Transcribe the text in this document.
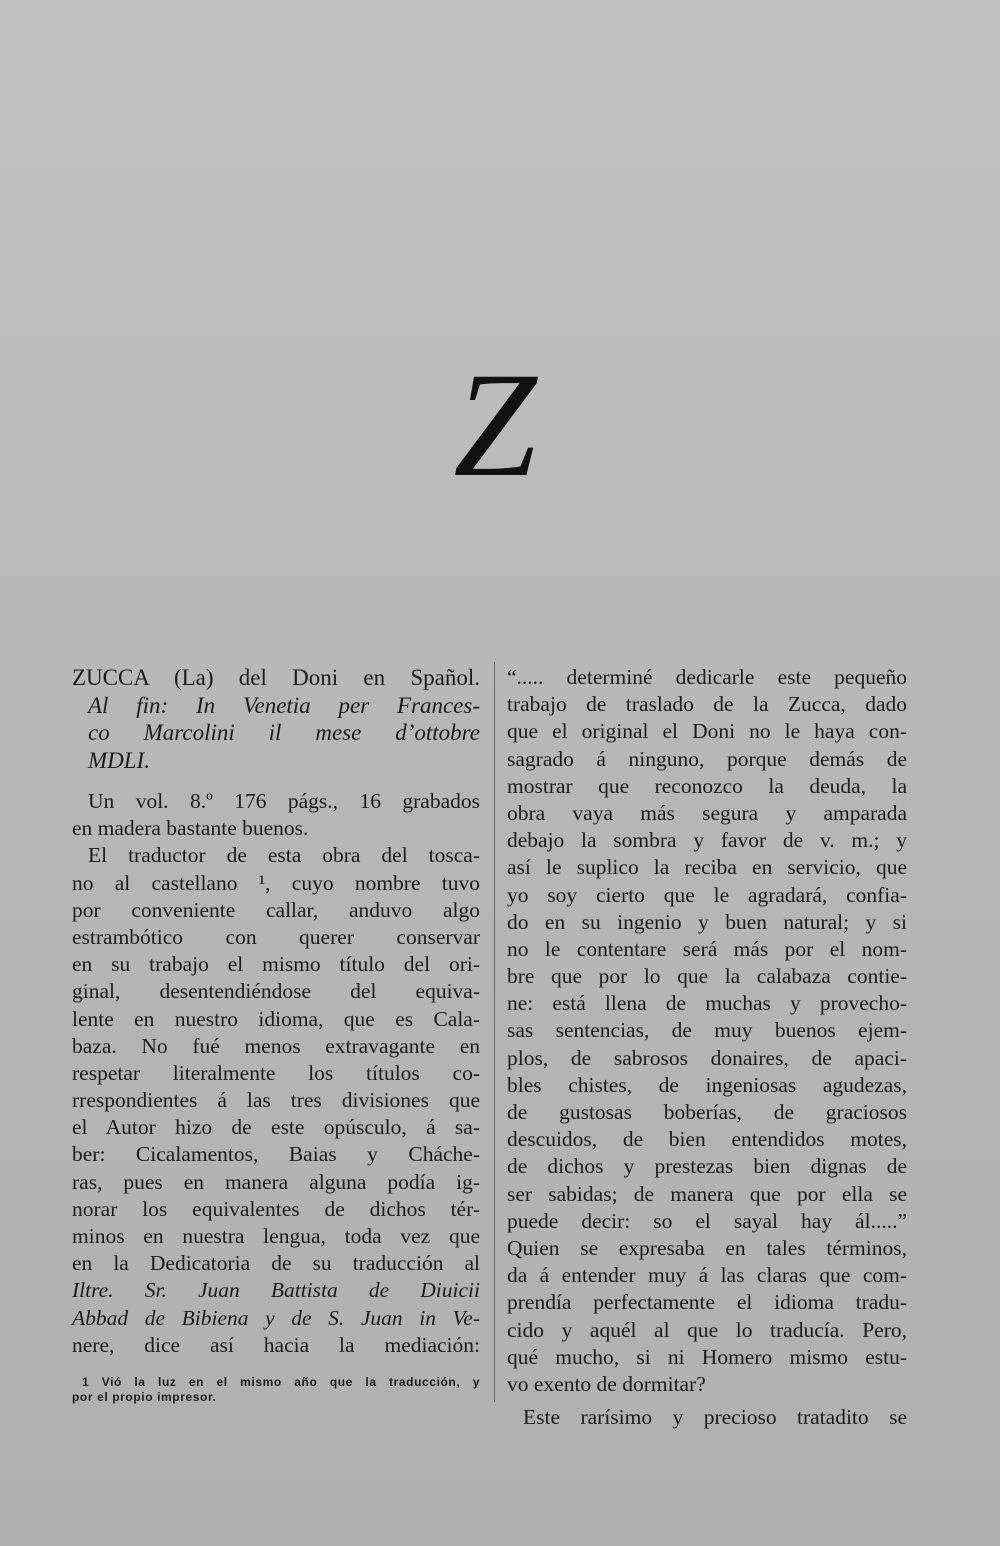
Z
ZUCCA (La) del Doni en Spañol.
Al fin: In Venetia per Frances-
co Marcolini il mese d’ottobre
MDLI.
Un vol. 8.º 176 págs., 16 grabados
en madera bastante buenos.
El traductor de esta obra del tosca-
no al castellano ¹, cuyo nombre tuvo
por conveniente callar, anduvo algo
estrambótico con querer conservar
en su trabajo el mismo título del ori-
ginal, desentendiéndose del equiva-
lente en nuestro idioma, que es Cala-
baza. No fué menos extravagante en
respetar literalmente los títulos co-
rrespondientes á las tres divisiones que
el Autor hizo de este opúsculo, á sa-
ber: Cicalamentos, Baias y Cháche-
ras, pues en manera alguna podía ig-
norar los equivalentes de dichos tér-
minos en nuestra lengua, toda vez que
en la Dedicatoria de su traducción al
Iltre. Sr. Juan Battista de Diuicii
Abbad de Bibiena y de S. Juan in Ve-
nere, dice así hacia la mediación:
1 Vió la luz en el mismo año que la traducción, y
por el propio impresor.
“..... determiné dedicarle este pequeño
trabajo de traslado de la Zucca, dado
que el original el Doni no le haya con-
sagrado á ninguno, porque demás de
mostrar que reconozco la deuda, la
obra vaya más segura y amparada
debajo la sombra y favor de v. m.; y
así le suplico la reciba en servicio, que
yo soy cierto que le agradará, confia-
do en su ingenio y buen natural; y si
no le contentare será más por el nom-
bre que por lo que la calabaza contie-
ne: está llena de muchas y provecho-
sas sentencias, de muy buenos ejem-
plos, de sabrosos donaires, de apaci-
bles chistes, de ingeniosas agudezas,
de gustosas boberías, de graciosos
descuidos, de bien entendidos motes,
de dichos y prestezas bien dignas de
ser sabidas; de manera que por ella se
puede decir: so el sayal hay ál.....”
Quien se expresaba en tales términos,
da á entender muy á las claras que com-
prendía perfectamente el idioma tradu-
cido y aquél al que lo traducía. Pero,
qué mucho, si ni Homero mismo estu-
vo exento de dormitar?
Este rarísimo y precioso tratadito se
